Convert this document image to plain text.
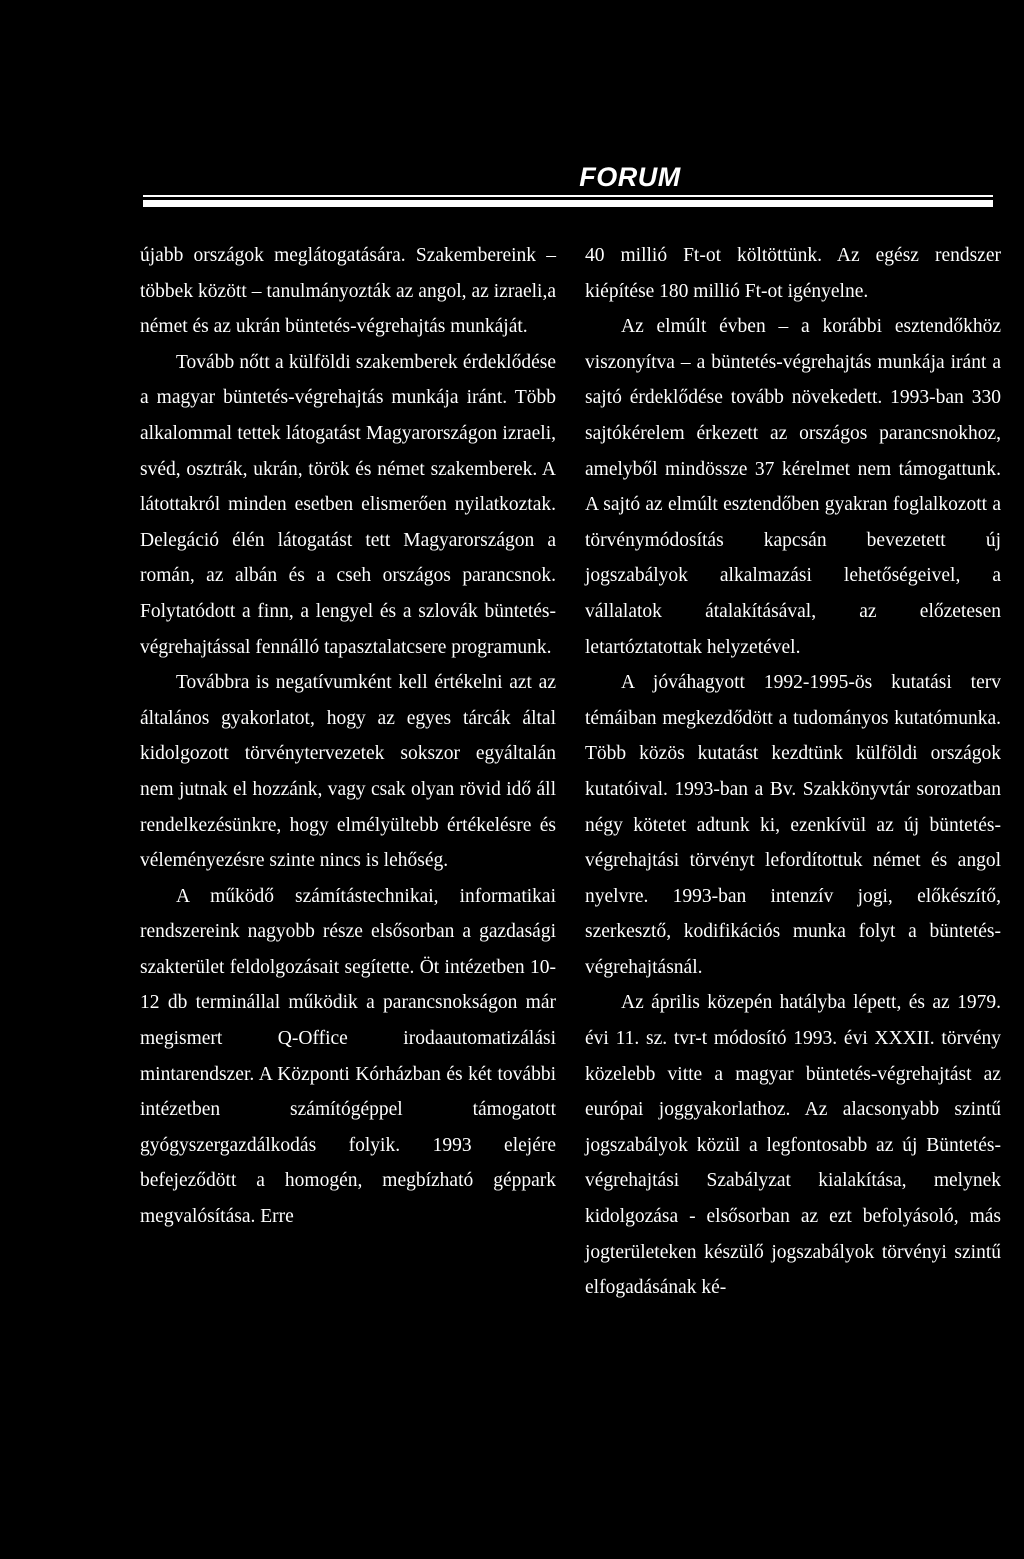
FORUM

újabb országok meglátogatására. Szakembereink – többek között – tanulmányozták az angol, az izraeli,a német és az ukrán büntetés-végrehajtás munkáját.

Tovább nőtt a külföldi szakemberek érdeklődése a magyar büntetés-végrehajtás munkája iránt. Több alkalommal tettek látogatást Magyarországon izraeli, svéd, osztrák, ukrán, török és német szakemberek. A látottakról minden esetben elismerően nyilatkoztak. Delegáció élén látogatást tett Magyarországon a román, az albán és a cseh országos parancsnok. Folytatódott a finn, a lengyel és a szlovák büntetés-végrehajtással fennálló tapasztalatcsere programunk.

Továbbra is negatívumként kell értékelni azt az általános gyakorlatot, hogy az egyes tárcák által kidolgozott törvénytervezetek sokszor egyáltalán nem jutnak el hozzánk, vagy csak olyan rövid idő áll rendelkezésünkre, hogy elmélyültebb értékelésre és véleményezésre szinte nincs is lehőség.

A működő számítástechnikai, informatikai rendszereink nagyobb része elsősorban a gazdasági szakterület feldolgozásait segítette. Öt intézetben 10-12 db terminállal működik a parancsnokságon már megismert Q-Office irodaautomatizálási mintarendszer. A Központi Kórházban és két további intézetben számítógéppel támogatott gyógyszergazdálkodás folyik. 1993 elejére befejeződött a homogén, megbízható géppark megvalósítása. Erre

40 millió Ft-ot költöttünk. Az egész rendszer kiépítése 180 millió Ft-ot igényelne.

Az elmúlt évben – a korábbi esztendőkhöz viszonyítva – a büntetés-végrehajtás munkája iránt a sajtó érdeklődése tovább növekedett. 1993-ban 330 sajtókérelem érkezett az országos parancsnokhoz, amelyből mindössze 37 kérelmet nem támogattunk. A sajtó az elmúlt esztendőben gyakran foglalkozott a törvénymódosítás kapcsán bevezetett új jogszabályok alkalmazási lehetőségeivel, a vállalatok átalakításával, az előzetesen letartóztatottak helyzetével.

A jóváhagyott 1992-1995-ös kutatási terv témáiban megkezdődött a tudományos kutatómunka. Több közös kutatást kezdtünk külföldi országok kutatóival. 1993-ban a Bv. Szakkönyvtár sorozatban négy kötetet adtunk ki, ezenkívül az új büntetés-végrehajtási törvényt lefordítottuk német és angol nyelvre. 1993-ban intenzív jogi, előkészítő, szerkesztő, kodifikációs munka folyt a büntetés-végrehajtásnál.

Az április közepén hatályba lépett, és az 1979. évi 11. sz. tvr-t módosító 1993. évi XXXII. törvény közelebb vitte a magyar büntetés-végrehajtást az európai joggyakorlathoz. Az alacsonyabb szintű jogszabályok közül a legfontosabb az új Büntetés-végrehajtási Szabályzat kialakítása, melynek kidolgozása - elsősorban az ezt befolyásoló, más jogterületeken készülő jogszabályok törvényi szintű elfogadásának ké-
